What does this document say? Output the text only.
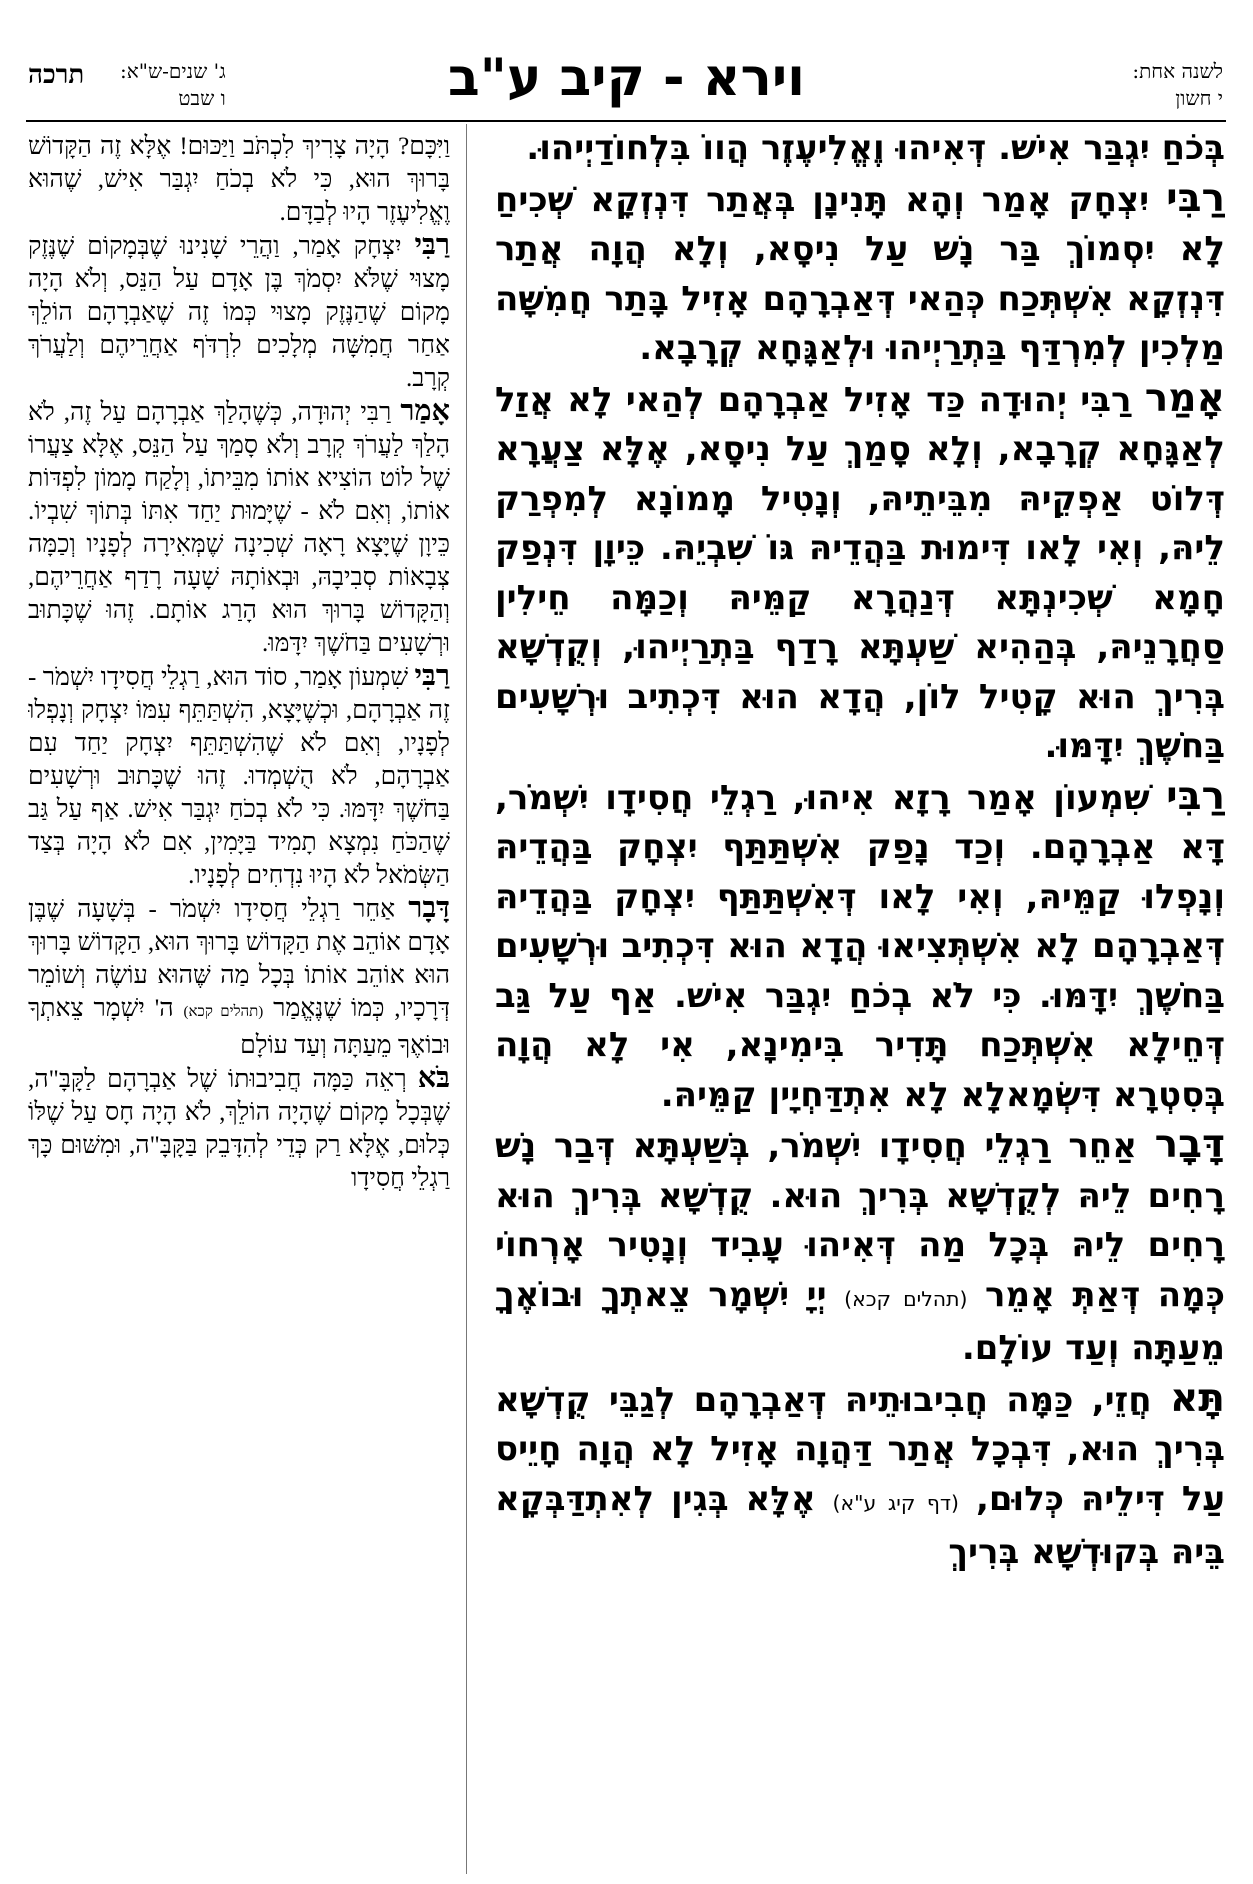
לשנה אחת:
י חשון
וירא - קיב ע"ב
ג' שנים-ש"א:
ו שבט
תרכה

בְּכֹחַ יִגְבַּר אִישׁ. דְּאִיהוּ וֶאֱלִיעֶזֶר הֲווֹ בִּלְחוֹדַיְיהוּ.

רַבִּי יִצְחָק אָמַר וְהָא תָּנִינָן בְּאֲתַר דִּנְזְקָא שְׁכִיחַ לָא יִסְמוֹךְ בַּר נָשׁ עַל נִיסָא, וְלָא הֲוָה אֲתַר דִּנְזְקָא אִשְׁתְּכַח כְּהַאי דְּאַבְרָהָם אָזִיל בָּתַר חֲמִשָּׁה מַלְכִין לְמִרְדַּף בַּתְרַיְיהוּ וּלְאַגָּחָא קְרָבָא.

אָמַר רַבִּי יְהוּדָה כַּד אָזִיל אַבְרָהָם לְהַאי לָא אֲזַל לְאַגָּחָא קְרָבָא, וְלָא סָמַךְ עַל נִיסָא, אֶלָּא צַעֲרָא דְּלוֹט אַפְקֵיהּ מִבֵּיתֵיהּ, וְנָטִיל מָמוֹנָא לְמִפְרַק לֵיהּ, וְאִי לָאו דִּימוּת בַּהֲדֵיהּ גּוֹ שִׁבְיֵהּ. כֵּיוָן דִּנְפַק חָמָא שְׁכִינְתָּא דְּנַהֲרָא קַמֵּיהּ וְכַמָּה חֵילִין סַחֲרָנֵיהּ, בְּהַהִיא שַׁעְתָּא רָדַף בַּתְרַיְיהוּ, וְקֻדְשָׁא בְּרִיךְ הוּא קָטִיל לוֹן, הֲדָא הוּא דִּכְתִיב וּרְשָׁעִים בַּחֹשֶׁךְ יִדָּמּוּ.

רַבִּי שִׁמְעוֹן אָמַר רָזָא אִיהוּ, רַגְלֵי חֲסִידָו יִשְׁמֹר, דָּא אַבְרָהָם. וְכַד נָפַק אִשְׁתַּתַּף יִצְחָק בַּהֲדֵיהּ וְנָפְלוּ קַמֵּיהּ, וְאִי לָאו דְּאִשְׁתַּתַּף יִצְחָק בַּהֲדֵיהּ דְּאַבְרָהָם לָא אִשְׁתְּצִיאוּ הֲדָא הוּא דִּכְתִיב וּרְשָׁעִים בַּחֹשֶׁךְ יִדָּמּוּ. כִּי לֹא בְכֹחַ יִגְבַּר אִישׁ. אַף עַל גַּב דְּחֵילָא אִשְׁתְּכַח תָּדִיר בִּימִינָא, אִי לָא הֲוָה בְּסִטְרָא דִּשְׂמָאלָא לָא אִתְדַּחְיָין קַמֵּיהּ.

דָּבָר אַחֵר רַגְלֵי חֲסִידָו יִשְׁמֹר, בְּשַׁעְתָּא דְּבַר נָשׁ רָחִים לֵיהּ לְקֻדְשָׁא בְּרִיךְ הוּא. קֻדְשָׁא בְּרִיךְ הוּא רָחִים לֵיהּ בְּכָל מַה דְּאִיהוּ עָבִיד וְנָטִיר אָרְחוֹי כְּמָה דְּאַתְּ אָמֵר (תהלים קכא) יְיָ יִשְׁמָר צֵאתְךָ וּבוֹאֶךָ מֵעַתָּה וְעַד עוֹלָם.

תָּא חֲזֵי, כַּמָּה חֲבִיבוּתֵיהּ דְּאַבְרָהָם לְגַבֵּי קֻדְשָׁא בְּרִיךְ הוּא, דִּבְכָל אֲתַר דַּהֲוָה אָזִיל לָא הֲוָה חָיֵיס עַל דִּילֵיהּ כְּלוּם, (דף קיג ע"א) אֶלָּא בְּגִין לְאִתְדַּבְּקָא בֵּיהּ בְּקוּדְשָׁא בְּרִיךְ

וַיִּכָּם? הָיָה צָרִיךְ לִכְתֹּב וַיַּכּוּם! אֶלָּא זֶה הַקָּדוֹשׁ בָּרוּךְ הוּא, כִּי לֹא בְכֹחַ יִגְבַּר אִישׁ, שֶׁהוּא וֶאֱלִיעֶזֶר הָיוּ לְבַדָּם.

רַבִּי יִצְחָק אָמַר, וַהֲרֵי שָׁנִינוּ שֶׁבְּמָקוֹם שֶׁנֶּזֶק מָצוּי שֶׁלֹּא יִסְמֹךְ בֶּן אָדָם עַל הַנֵּס, וְלֹא הָיָה מָקוֹם שֶׁהַנֶּזֶק מָצוּי כְּמוֹ זֶה שֶׁאַבְרָהָם הוֹלֵךְ אַחַר חֲמִשָּׁה מְלָכִים לִרְדֹּף אַחֲרֵיהֶם וְלַעֲרֹךְ קְרָב.

אָמַר רַבִּי יְהוּדָה, כְּשֶׁהָלַךְ אַבְרָהָם עַל זֶה, לֹא הָלַךְ לַעֲרֹךְ קְרָב וְלֹא סָמַךְ עַל הַנֵּס, אֶלָּא צַעֲרוֹ שֶׁל לוֹט הוֹצִיא אוֹתוֹ מִבֵּיתוֹ, וְלָקַח מָמוֹן לִפְדּוֹת אוֹתוֹ, וְאִם לֹא - שֶׁיָּמוּת יַחַד אִתּוֹ בְּתוֹךְ שִׁבְיוֹ. כֵּיוָן שֶׁיָּצָא רָאָה שְׁכִינָה שֶׁמְּאִירָה לְפָנָיו וְכַמָּה צְבָאוֹת סְבִיבָהּ, וּבְאוֹתָהּ שָׁעָה רָדַף אַחֲרֵיהֶם, וְהַקָּדוֹשׁ בָּרוּךְ הוּא הָרַג אוֹתָם. זֶהוּ שֶׁכָּתוּב וּרְשָׁעִים בַּחֹשֶׁךְ יִדָּמּוּ.

רַבִּי שִׁמְעוֹן אָמַר, סוֹד הוּא, רַגְלֵי חֲסִידָו יִשְׁמֹר - זֶה אַבְרָהָם, וּכְשֶׁיָּצָא, הִשְׁתַּתֵּף עִמּוֹ יִצְחָק וְנָפְלוּ לְפָנָיו, וְאִם לֹא שֶׁהִשְׁתַּתֵּף יִצְחָק יַחַד עִם אַבְרָהָם, לֹא הֻשְׁמְדוּ. זֶהוּ שֶׁכָּתוּב וּרְשָׁעִים בַּחֹשֶׁךְ יִדָּמּוּ. כִּי לֹא בְכֹחַ יִגְבַּר אִישׁ. אַף עַל גַּב שֶׁהַכֹּחַ נִמְצָא תָמִיד בַּיָּמִין, אִם לֹא הָיָה בְּצַד הַשְּׂמֹאל לֹא הָיוּ נִדְחִים לְפָנָיו.

דָּבָר אַחֵר רַגְלֵי חֲסִידָו יִשְׁמֹר - בְּשָׁעָה שֶׁבֶּן אָדָם אוֹהֵב אֶת הַקָּדוֹשׁ בָּרוּךְ הוּא, הַקָּדוֹשׁ בָּרוּךְ הוּא אוֹהֵב אוֹתוֹ בְּכָל מַה שֶּׁהוּא עוֹשֶׂה וְשׁוֹמֵר דְּרָכָיו, כְּמוֹ שֶׁנֶּאֱמַר (תהלים קכא) ה' יִשְׁמָר צֵאתְךָ וּבוֹאֶךָ מֵעַתָּה וְעַד עוֹלָם

בֹּא רְאֵה כַּמָּה חֲבִיבוּתוֹ שֶׁל אַבְרָהָם לַקָּבָּ"ה, שֶׁבְּכָל מָקוֹם שֶׁהָיָה הוֹלֵךְ, לֹא הָיָה חָס עַל שֶׁלּוֹ כְּלוּם, אֶלָּא רַק כְּדֵי לְהִדָּבֵק בַּקָּבָּ"ה, וּמִשּׁוּם כָּךְ רַגְלֵי חֲסִידָו
